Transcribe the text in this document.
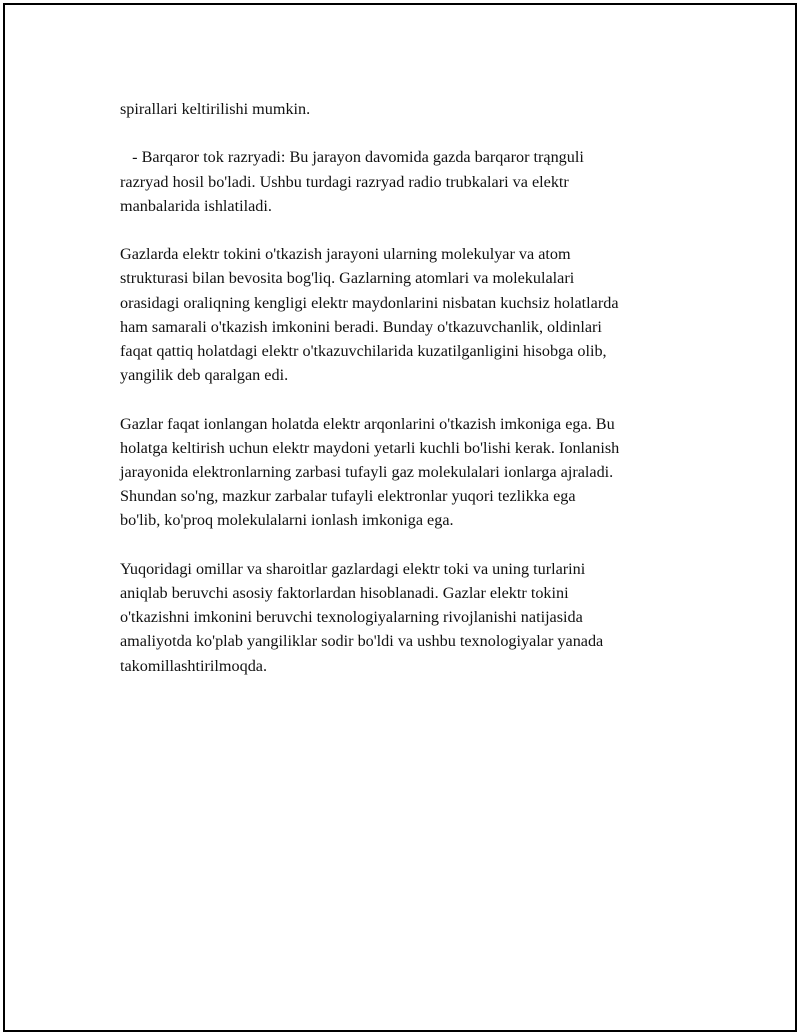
spirallari keltirilishi mumkin.
- Barqaror tok razryadi: Bu jarayon davomida gazda barqaror trąnguli
razryad hosil bo'ladi. Ushbu turdagi razryad radio trubkalari va elektr
manbalarida ishlatiladi.
Gazlarda elektr tokini o'tkazish jarayoni ularning molekulyar va atom
strukturasi bilan bevosita bog'liq. Gazlarning atomlari va molekulalari
orasidagi oraliqning kengligi elektr maydonlarini nisbatan kuchsiz holatlarda
ham samarali o'tkazish imkonini beradi. Bunday o'tkazuvchanlik, oldinlari
faqat qattiq holatdagi elektr o'tkazuvchilarida kuzatilganligini hisobga olib,
yangilik deb qaralgan edi.
Gazlar faqat ionlangan holatda elektr arqonlarini o'tkazish imkoniga ega. Bu
holatga keltirish uchun elektr maydoni yetarli kuchli bo'lishi kerak. Ionlanish
jarayonida elektronlarning zarbasi tufayli gaz molekulalari ionlarga ajraladi.
Shundan so'ng, mazkur zarbalar tufayli elektronlar yuqori tezlikka ega
bo'lib, ko'proq molekulalarni ionlash imkoniga ega.
Yuqoridagi omillar va sharoitlar gazlardagi elektr toki va uning turlarini
aniqlab beruvchi asosiy faktorlardan hisoblanadi. Gazlar elektr tokini
o'tkazishni imkonini beruvchi texnologiyalarning rivojlanishi natijasida
amaliyotda ko'plab yangiliklar sodir bo'ldi va ushbu texnologiyalar yanada
takomillashtirilmoqda.
